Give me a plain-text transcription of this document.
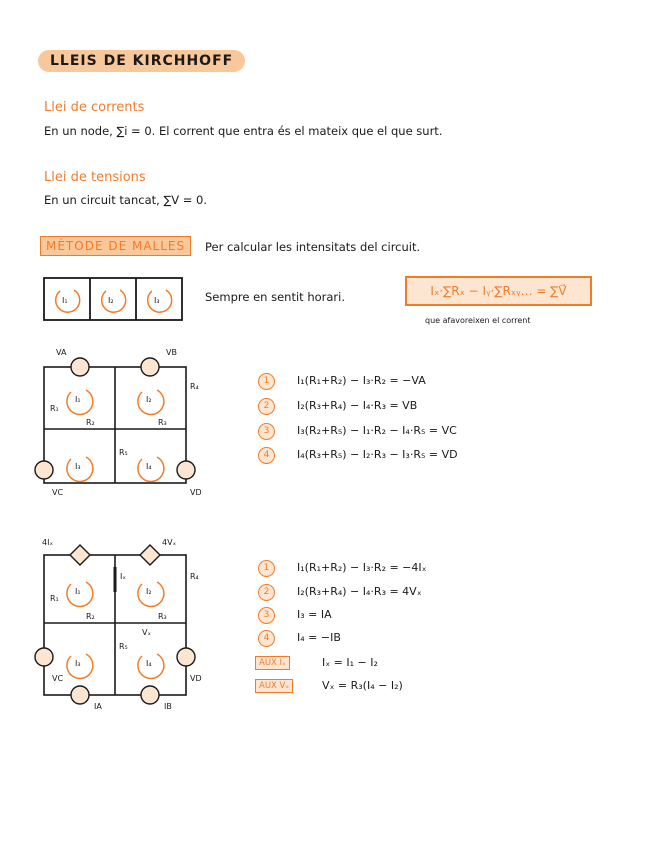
LLEIS DE KIRCHHOFF
Llei de corrents
En un node, ∑i = 0. El corrent que entra és el mateix que el que surt.
Llei de tensions
En un circuit tancat, ∑V = 0.
MÈTODE DE MALLES	Per calcular les intensitats del circuit.
I₁	I₂	I₃	Sempre en sentit horari.	Iₓ·∑Rₓ − Iᵧ·∑Rₓᵧ… = ∑V⃗
que afavoreixen el corrent
VA	VB
VC	VD
R₁
R₂	R₃
R₄
R₅
I₁	I₂
I₃	I₄
1	I₁(R₁+R₂) − I₃·R₂ = −VA
2	I₂(R₃+R₄) − I₄·R₃ = VB
3	I₃(R₂+R₅) − I₁·R₂ − I₄·R₅ = VC
4	I₄(R₃+R₅) − I₂·R₃ − I₃·R₅ = VD
4Iₓ	4Vₓ
Iₓ
Vₓ
VC	VD
IA	IB
R₁
R₂	R₃
R₄
R₅
I₁	I₂
I₃	I₄
1	I₁(R₁+R₂) − I₃·R₂ = −4Iₓ
2	I₂(R₃+R₄) − I₄·R₃ = 4Vₓ
3	I₃ = IA
4	I₄ = −IB
AUX Iₓ	Iₓ = I₁ − I₂
AUX Vₓ	Vₓ = R₃(I₄ − I₂)
